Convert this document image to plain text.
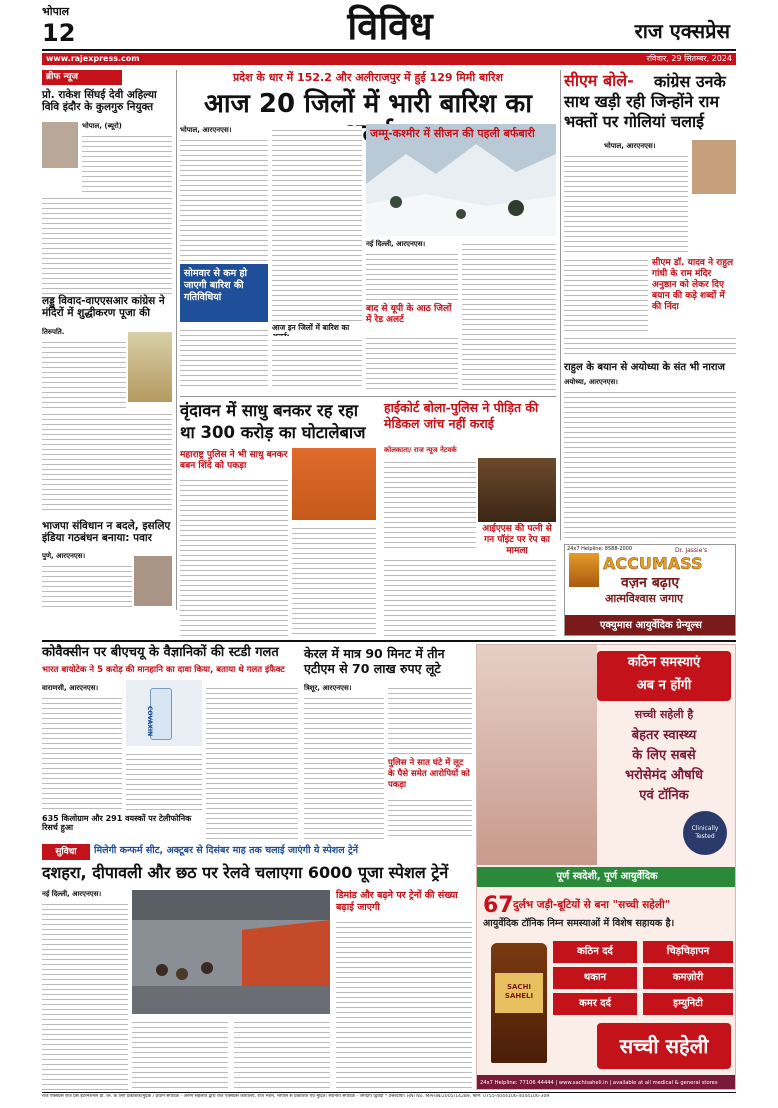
भोपाल
12	विविध	राज एक्सप्रेस
www.rajexpress.com	रविवार, 29 सितम्बर, 2024
ब्रीफ न्यूज
प्रो. राकेश सिंघई देवी अहिल्या विवि इंदौर के कुलगुरु नियुक्त
भोपाल, (ब्यूरो)
लड्डू विवाद-वाएएसआर कांग्रेस ने मंदिरों में शुद्धीकरण पूजा की
तिरुपति.
भाजपा संविधान न बदले, इसलिए इंडिया गठबंधन बनाया: पवार
पुणे, आरएनएस।
प्रदेश के धार में 152.2 और अलीराजपुर में हुई 129 मिमी बारिश
आज 20 जिलों में भारी बारिश का
भोपाल, आरएनएस।
सोमवार से कम हो जाएगी बारिश की गतिविधियां
आज इन जिलों में बारिश का
जम्मू-कश्मीर में सीजन की पहली बर्फबारी
नई दिल्ली, आरएनएस।
बाद से यूपी के आठ जिलों में रेड अलर्ट
सीएम बोले-	कांग्रेस उनके साथ खड़ी रही जिन्होंने राम भक्तों पर गोलियां चलाई
भोपाल, आरएनएस।
सीएम डॉ. यादव ने राहुल गांधी के राम मंदिर अनुष्ठान को लेकर दिए बयान की कड़े शब्दों में की निंदा
राहुल के बयान से अयोध्या के संत भी नाराज
अयोध्या, आरएनएस।
वृंदावन में साधु बनकर रह रहा था 300 करोड़ का घोटालेबाज
महाराष्ट्र पुलिस ने भी साधु बनकर बबन शिंदे को पकड़ा
हाईकोर्ट बोला-पुलिस ने पीड़ित की मेडिकल जांच नहीं कराई
कोलकाता/ राज न्यूज नेटवर्क
आईएएस की पत्नी से गन पॉइंट पर रेप का मामला	24x7 Helpline: 8588-2000	Dr. Jassie's
ACCUMASS
वज़न बढ़ाए
आत्मविश्वास जगाए
एक्युमास आयुर्वेदिक ग्रेन्यूल्स
कोवैक्सीन पर बीएचयू के वैज्ञानिकों की स्टडी गलत
भारत बायोटेक ने 5 करोड़ की मानहानि का दावा किया, बताया थे गलत इंफैक्ट
वाराणसी, आरएनएस।
COVAXIN
635 किलोग्राम और 291 वयस्कों पर टेलीफोनिक रिसर्च हुआ
केरल में मात्र 90 मिनट में तीन एटीएम से 70 लाख रुपए लूटे
त्रिशूर, आरएनएस।
पुलिस ने सात घंटे में लूट के पैसे समेत आरोपियों को पकड़ा
कठिन समस्याएं
अब न होंगी
सच्ची सहेली है
बेहतर स्वास्थ्य
के लिए सबसे
भरोसेमंद औषधि
एवं टॉनिक
Clinically Tested
पूर्ण स्वदेशी, पूर्ण आयुर्वेदिक
67 दुर्लभ जड़ी-बूटियों से बना "सच्ची सहेली"
आयुर्वेदिक टॉनिक निम्न समस्याओं में विशेष सहायक है।
SACHI SAHELI
कठिन दर्द	चिड़चिड़ापन
थकान	कमज़ोरी
कमर दर्द	इम्युनिटी
सच्ची सहेली
24x7 Helpline: 77106 44444 | www.sachisaheli.in | available at all medical & general stores
सुविधा	मिलेगी कन्फर्म सीट, अक्टूबर से दिसंबर माह तक चलाई जाएंगी ये स्पेशल ट्रेनें
दशहरा, दीपावली और छठ पर रेलवे चलाएगा 6000 पूजा स्पेशल ट्रेनें
नई दिल्ली, आरएनएस।	डिमांड और बढ़ने पर ट्रेनों की संख्या बढ़ाई जाएगी
राज एक्सप्रेस राज प्रेस इंटरनेशनल प्रा. लि. के लिए प्रकाशक/मुद्रक / प्रधान संपादक - अरुण सहलोत द्वारा राज एक्सप्रेस कार्यालय, राज भवन, भोपाल से प्रकाशित एवं मुद्रित। स्थानीय संपादक - जगदीप द्विवेदी * उत्तरदायी। RNI No. MPHIN/2005/14289, फोन: 0755-4044106-4044106-309
